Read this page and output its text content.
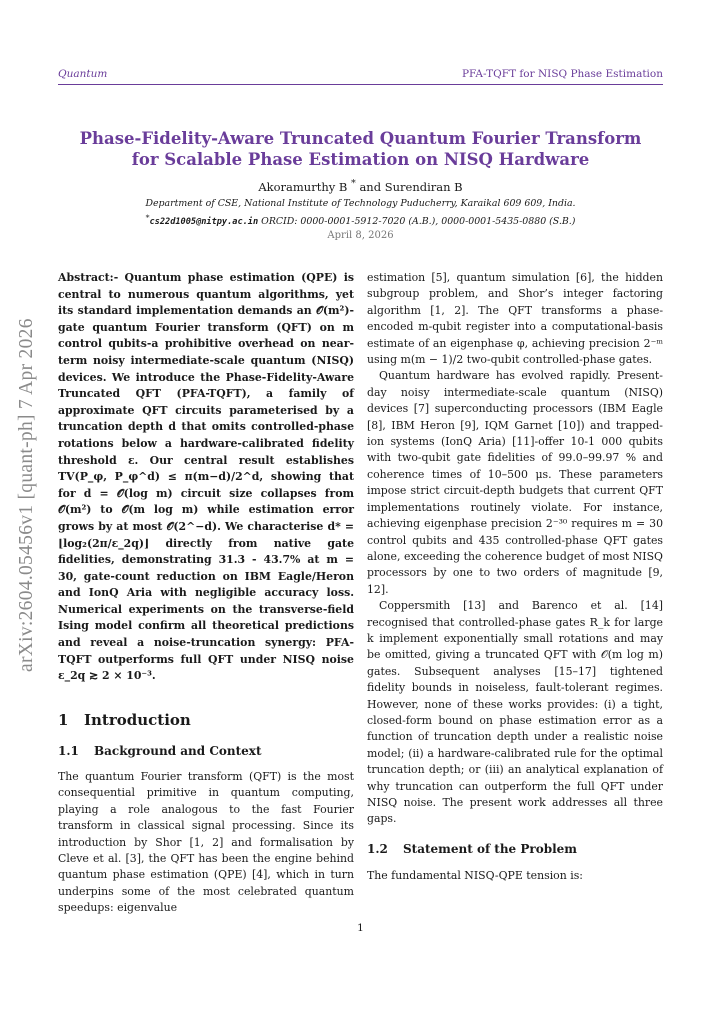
Quantum	PFA-TQFT for NISQ Phase Estimation
Phase-Fidelity-Aware Truncated Quantum Fourier Transform
for Scalable Phase Estimation on NISQ Hardware
Akoramurthy B * and Surendiran B
Department of CSE, National Institute of Technology Puducherry, Karaikal 609 609, India.
*cs22d1005@nitpy.ac.in ORCID: 0000-0001-5912-7020 (A.B.), 0000-0001-5435-0880 (S.B.)
April 8, 2026
arXiv:2604.05456v1 [quant-ph] 7 Apr 2026
Abstract:- Quantum phase estimation (QPE) is central to numerous quantum algorithms, yet its standard implementation demands an 𝒪(m²)-gate quantum Fourier transform (QFT) on m control qubits-a prohibitive overhead on near-term noisy intermediate-scale quantum (NISQ) devices. We introduce the Phase-Fidelity-Aware Truncated QFT (PFA-TQFT), a family of approximate QFT circuits parameterised by a truncation depth d that omits controlled-phase rotations below a hardware-calibrated fidelity threshold ε. Our central result establishes TV(P_φ, P_φ^d) ≤ π(m−d)/2^d, showing that for d = 𝒪(log m) circuit size collapses from 𝒪(m²) to 𝒪(m log m) while estimation error grows by at most 𝒪(2^−d). We characterise d* = ⌊log₂(2π/ε_2q)⌋ directly from native gate fidelities, demonstrating 31.3 - 43.7% at m = 30, gate-count reduction on IBM Eagle/Heron and IonQ Aria with negligible accuracy loss. Numerical experiments on the transverse-field Ising model confirm all theoretical predictions and reveal a noise-truncation synergy: PFA-TQFT outperforms full QFT under NISQ noise ε_2q ≳ 2 × 10⁻³.
1 Introduction
1.1 Background and Context

The quantum Fourier transform (QFT) is the most consequential primitive in quantum computing, playing a role analogous to the fast Fourier transform in classical signal processing. Since its introduction by Shor [1, 2] and formalisation by Cleve et al. [3], the QFT has been the engine behind quantum phase estimation (QPE) [4], which in turn underpins some of the most celebrated quantum speedups: eigenvalue

estimation [5], quantum simulation [6], the hidden subgroup problem, and Shor’s integer factoring algorithm [1, 2]. The QFT transforms a phase-encoded m-qubit register into a computational-basis estimate of an eigenphase φ, achieving precision 2⁻ᵐ using m(m − 1)/2 two-qubit controlled-phase gates.

Quantum hardware has evolved rapidly. Present-day noisy intermediate-scale quantum (NISQ) devices [7] superconducting processors (IBM Eagle [8], IBM Heron [9], IQM Garnet [10]) and trapped-ion systems (IonQ Aria) [11]-offer 10-1 000 qubits with two-qubit gate fidelities of 99.0–99.97 % and coherence times of 10–500 μs. These parameters impose strict circuit-depth budgets that current QFT implementations routinely violate. For instance, achieving eigenphase precision 2⁻³⁰ requires m = 30 control qubits and 435 controlled-phase QFT gates alone, exceeding the coherence budget of most NISQ processors by one to two orders of magnitude [9, 12].

Coppersmith [13] and Barenco et al. [14] recognised that controlled-phase gates R_k for large k implement exponentially small rotations and may be omitted, giving a truncated QFT with 𝒪(m log m) gates. Subsequent analyses [15–17] tightened fidelity bounds in noiseless, fault-tolerant regimes. However, none of these works provides: (i) a tight, closed-form bound on phase estimation error as a function of truncation depth under a realistic noise model; (ii) a hardware-calibrated rule for the optimal truncation depth; or (iii) an analytical explanation of why truncation can outperform the full QFT under NISQ noise. The present work addresses all three gaps.

1.2 Statement of the Problem

The fundamental NISQ-QPE tension is:

1
